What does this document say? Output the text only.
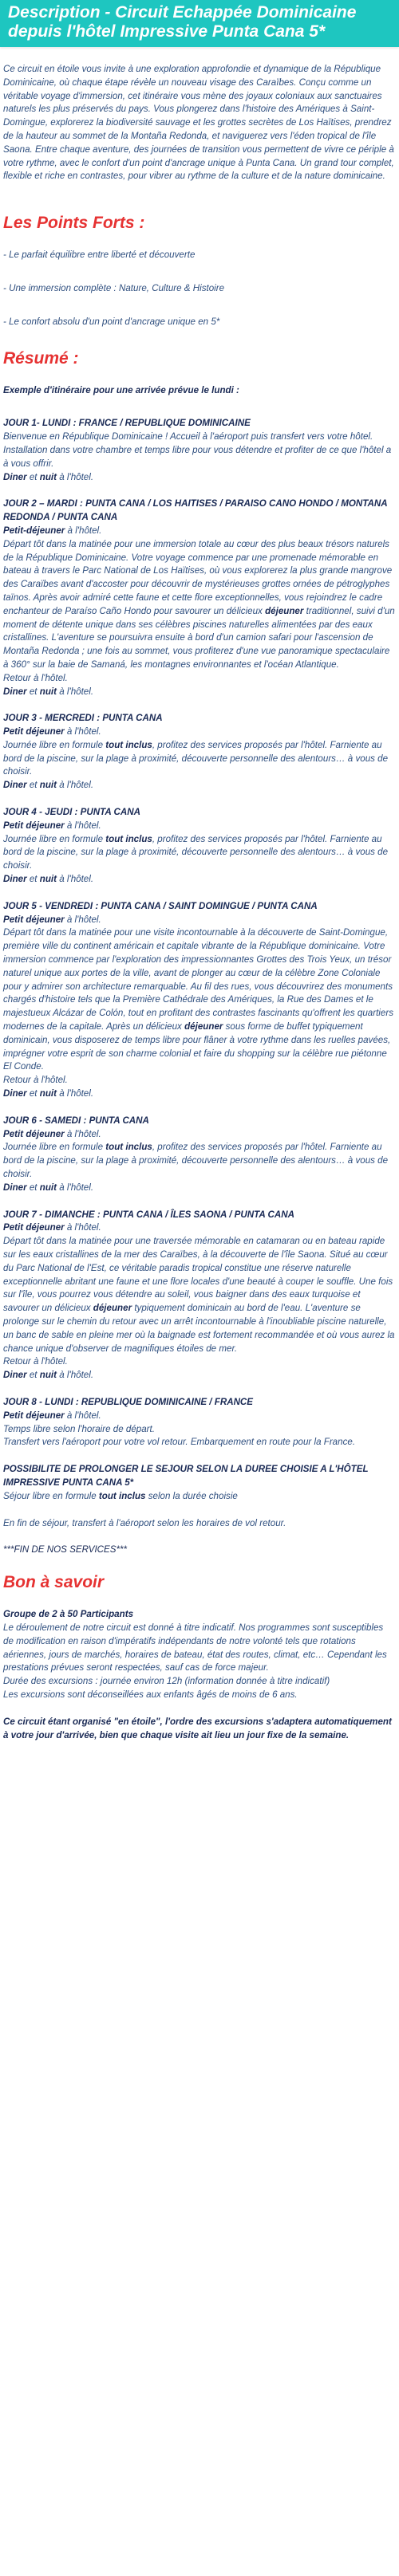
Description - Circuit Echappée Dominicaine
depuis l'hôtel Impressive Punta Cana 5*

Ce circuit en étoile vous invite à une exploration approfondie et dynamique de la République Dominicaine, où chaque étape révèle un nouveau visage des Caraïbes. Conçu comme un véritable voyage d'immersion, cet itinéraire vous mène des joyaux coloniaux aux sanctuaires naturels les plus préservés du pays. Vous plongerez dans l'histoire des Amériques à Saint-Domingue, explorerez la biodiversité sauvage et les grottes secrètes de Los Haïtises, prendrez de la hauteur au sommet de la Montaña Redonda, et naviguerez vers l'éden tropical de l'île Saona. Entre chaque aventure, des journées de transition vous permettent de vivre ce périple à votre rythme, avec le confort d'un point d'ancrage unique à Punta Cana. Un grand tour complet, flexible et riche en contrastes, pour vibrer au rythme de la culture et de la nature dominicaine.

Les Points Forts :

- Le parfait équilibre entre liberté et découverte

- Une immersion complète : Nature, Culture & Histoire

- Le confort absolu d'un point d'ancrage unique en 5*

Résumé :

Exemple d'itinéraire pour une arrivée prévue le lundi :

JOUR 1- LUNDI : FRANCE / REPUBLIQUE DOMINICAINE

Bienvenue en République Dominicaine ! Accueil à l'aéroport puis transfert vers votre hôtel. Installation dans votre chambre et temps libre pour vous détendre et profiter de ce que l'hôtel a à vous offrir.
Diner et nuit à l'hôtel.

JOUR 2 – MARDI : PUNTA CANA / LOS HAITISES / PARAISO CANO HONDO / MONTANA REDONDA / PUNTA CANA

Petit-déjeuner à l'hôtel.
Départ tôt dans la matinée pour une immersion totale au cœur des plus beaux trésors naturels de la République Dominicaine. Votre voyage commence par une promenade mémorable en bateau à travers le Parc National de Los Haïtises, où vous explorerez la plus grande mangrove des Caraïbes avant d'accoster pour découvrir de mystérieuses grottes ornées de pétroglyphes taïnos. Après avoir admiré cette faune et cette flore exceptionnelles, vous rejoindrez le cadre enchanteur de Paraíso Caño Hondo pour savourer un délicieux déjeuner traditionnel, suivi d'un moment de détente unique dans ses célèbres piscines naturelles alimentées par des eaux cristallines. L'aventure se poursuivra ensuite à bord d'un camion safari pour l'ascension de Montaña Redonda ; une fois au sommet, vous profiterez d'une vue panoramique spectaculaire à 360° sur la baie de Samaná, les montagnes environnantes et l'océan Atlantique.
Retour à l'hôtel.
Diner et nuit à l'hôtel.

JOUR 3 - MERCREDI : PUNTA CANA

Petit déjeuner à l'hôtel.
Journée libre en formule tout inclus, profitez des services proposés par l'hôtel. Farniente au bord de la piscine, sur la plage à proximité, découverte personnelle des alentours… à vous de choisir.
Diner et nuit à l'hôtel.

JOUR 4 - JEUDI : PUNTA CANA

Petit déjeuner à l'hôtel.
Journée libre en formule tout inclus, profitez des services proposés par l'hôtel. Farniente au bord de la piscine, sur la plage à proximité, découverte personnelle des alentours… à vous de choisir.
Diner et nuit à l'hôtel.

JOUR 5 - VENDREDI : PUNTA CANA / SAINT DOMINGUE / PUNTA CANA

Petit déjeuner à l'hôtel.
Départ tôt dans la matinée pour une visite incontournable à la découverte de Saint-Domingue, première ville du continent américain et capitale vibrante de la République dominicaine. Votre immersion commence par l'exploration des impressionnantes Grottes des Trois Yeux, un trésor naturel unique aux portes de la ville, avant de plonger au cœur de la célèbre Zone Coloniale pour y admirer son architecture remarquable. Au fil des rues, vous découvrirez des monuments chargés d'histoire tels que la Première Cathédrale des Amériques, la Rue des Dames et le majestueux Alcázar de Colón, tout en profitant des contrastes fascinants qu'offrent les quartiers modernes de la capitale. Après un délicieux déjeuner sous forme de buffet typiquement dominicain, vous disposerez de temps libre pour flâner à votre rythme dans les ruelles pavées, imprégner votre esprit de son charme colonial et faire du shopping sur la célèbre rue piétonne El Conde.
Retour à l'hôtel.
Diner et nuit à l'hôtel.

JOUR 6 - SAMEDI : PUNTA CANA

Petit déjeuner à l'hôtel.
Journée libre en formule tout inclus, profitez des services proposés par l'hôtel. Farniente au bord de la piscine, sur la plage à proximité, découverte personnelle des alentours… à vous de choisir.
Diner et nuit à l'hôtel.

JOUR 7 - DIMANCHE : PUNTA CANA / ÎLES SAONA / PUNTA CANA

Petit déjeuner à l'hôtel.
Départ tôt dans la matinée pour une traversée mémorable en catamaran ou en bateau rapide sur les eaux cristallines de la mer des Caraïbes, à la découverte de l'île Saona. Situé au cœur du Parc National de l'Est, ce véritable paradis tropical constitue une réserve naturelle exceptionnelle abritant une faune et une flore locales d'une beauté à couper le souffle. Une fois sur l'île, vous pourrez vous détendre au soleil, vous baigner dans des eaux turquoise et savourer un délicieux déjeuner typiquement dominicain au bord de l'eau. L'aventure se prolonge sur le chemin du retour avec un arrêt incontournable à l'inoubliable piscine naturelle, un banc de sable en pleine mer où la baignade est fortement recommandée et où vous aurez la chance unique d'observer de magnifiques étoiles de mer.
Retour à l'hôtel.
Diner et nuit à l'hôtel.

JOUR 8 - LUNDI : REPUBLIQUE DOMINICAINE / FRANCE

Petit déjeuner à l'hôtel.
Temps libre selon l'horaire de départ.
Transfert vers l'aéroport pour votre vol retour. Embarquement en route pour la France.

POSSIBILITE DE PROLONGER LE SEJOUR SELON LA DUREE CHOISIE A L'HÔTEL IMPRESSIVE PUNTA CANA 5*

Séjour libre en formule tout inclus selon la durée choisie

En fin de séjour, transfert à l'aéroport selon les horaires de vol retour.

***FIN DE NOS SERVICES***

Bon à savoir

Groupe de 2 à 50 Participants

Le déroulement de notre circuit est donné à titre indicatif. Nos programmes sont susceptibles de modification en raison d'impératifs indépendants de notre volonté tels que rotations aériennes, jours de marchés, horaires de bateau, état des routes, climat, etc… Cependant les prestations prévues seront respectées, sauf cas de force majeur.

Durée des excursions : journée environ 12h (information donnée à titre indicatif)

Les excursions sont déconseillées aux enfants âgés de moins de 6 ans.

Ce circuit étant organisé "en étoile", l'ordre des excursions s'adaptera automatiquement à votre jour d'arrivée, bien que chaque visite ait lieu un jour fixe de la semaine.
